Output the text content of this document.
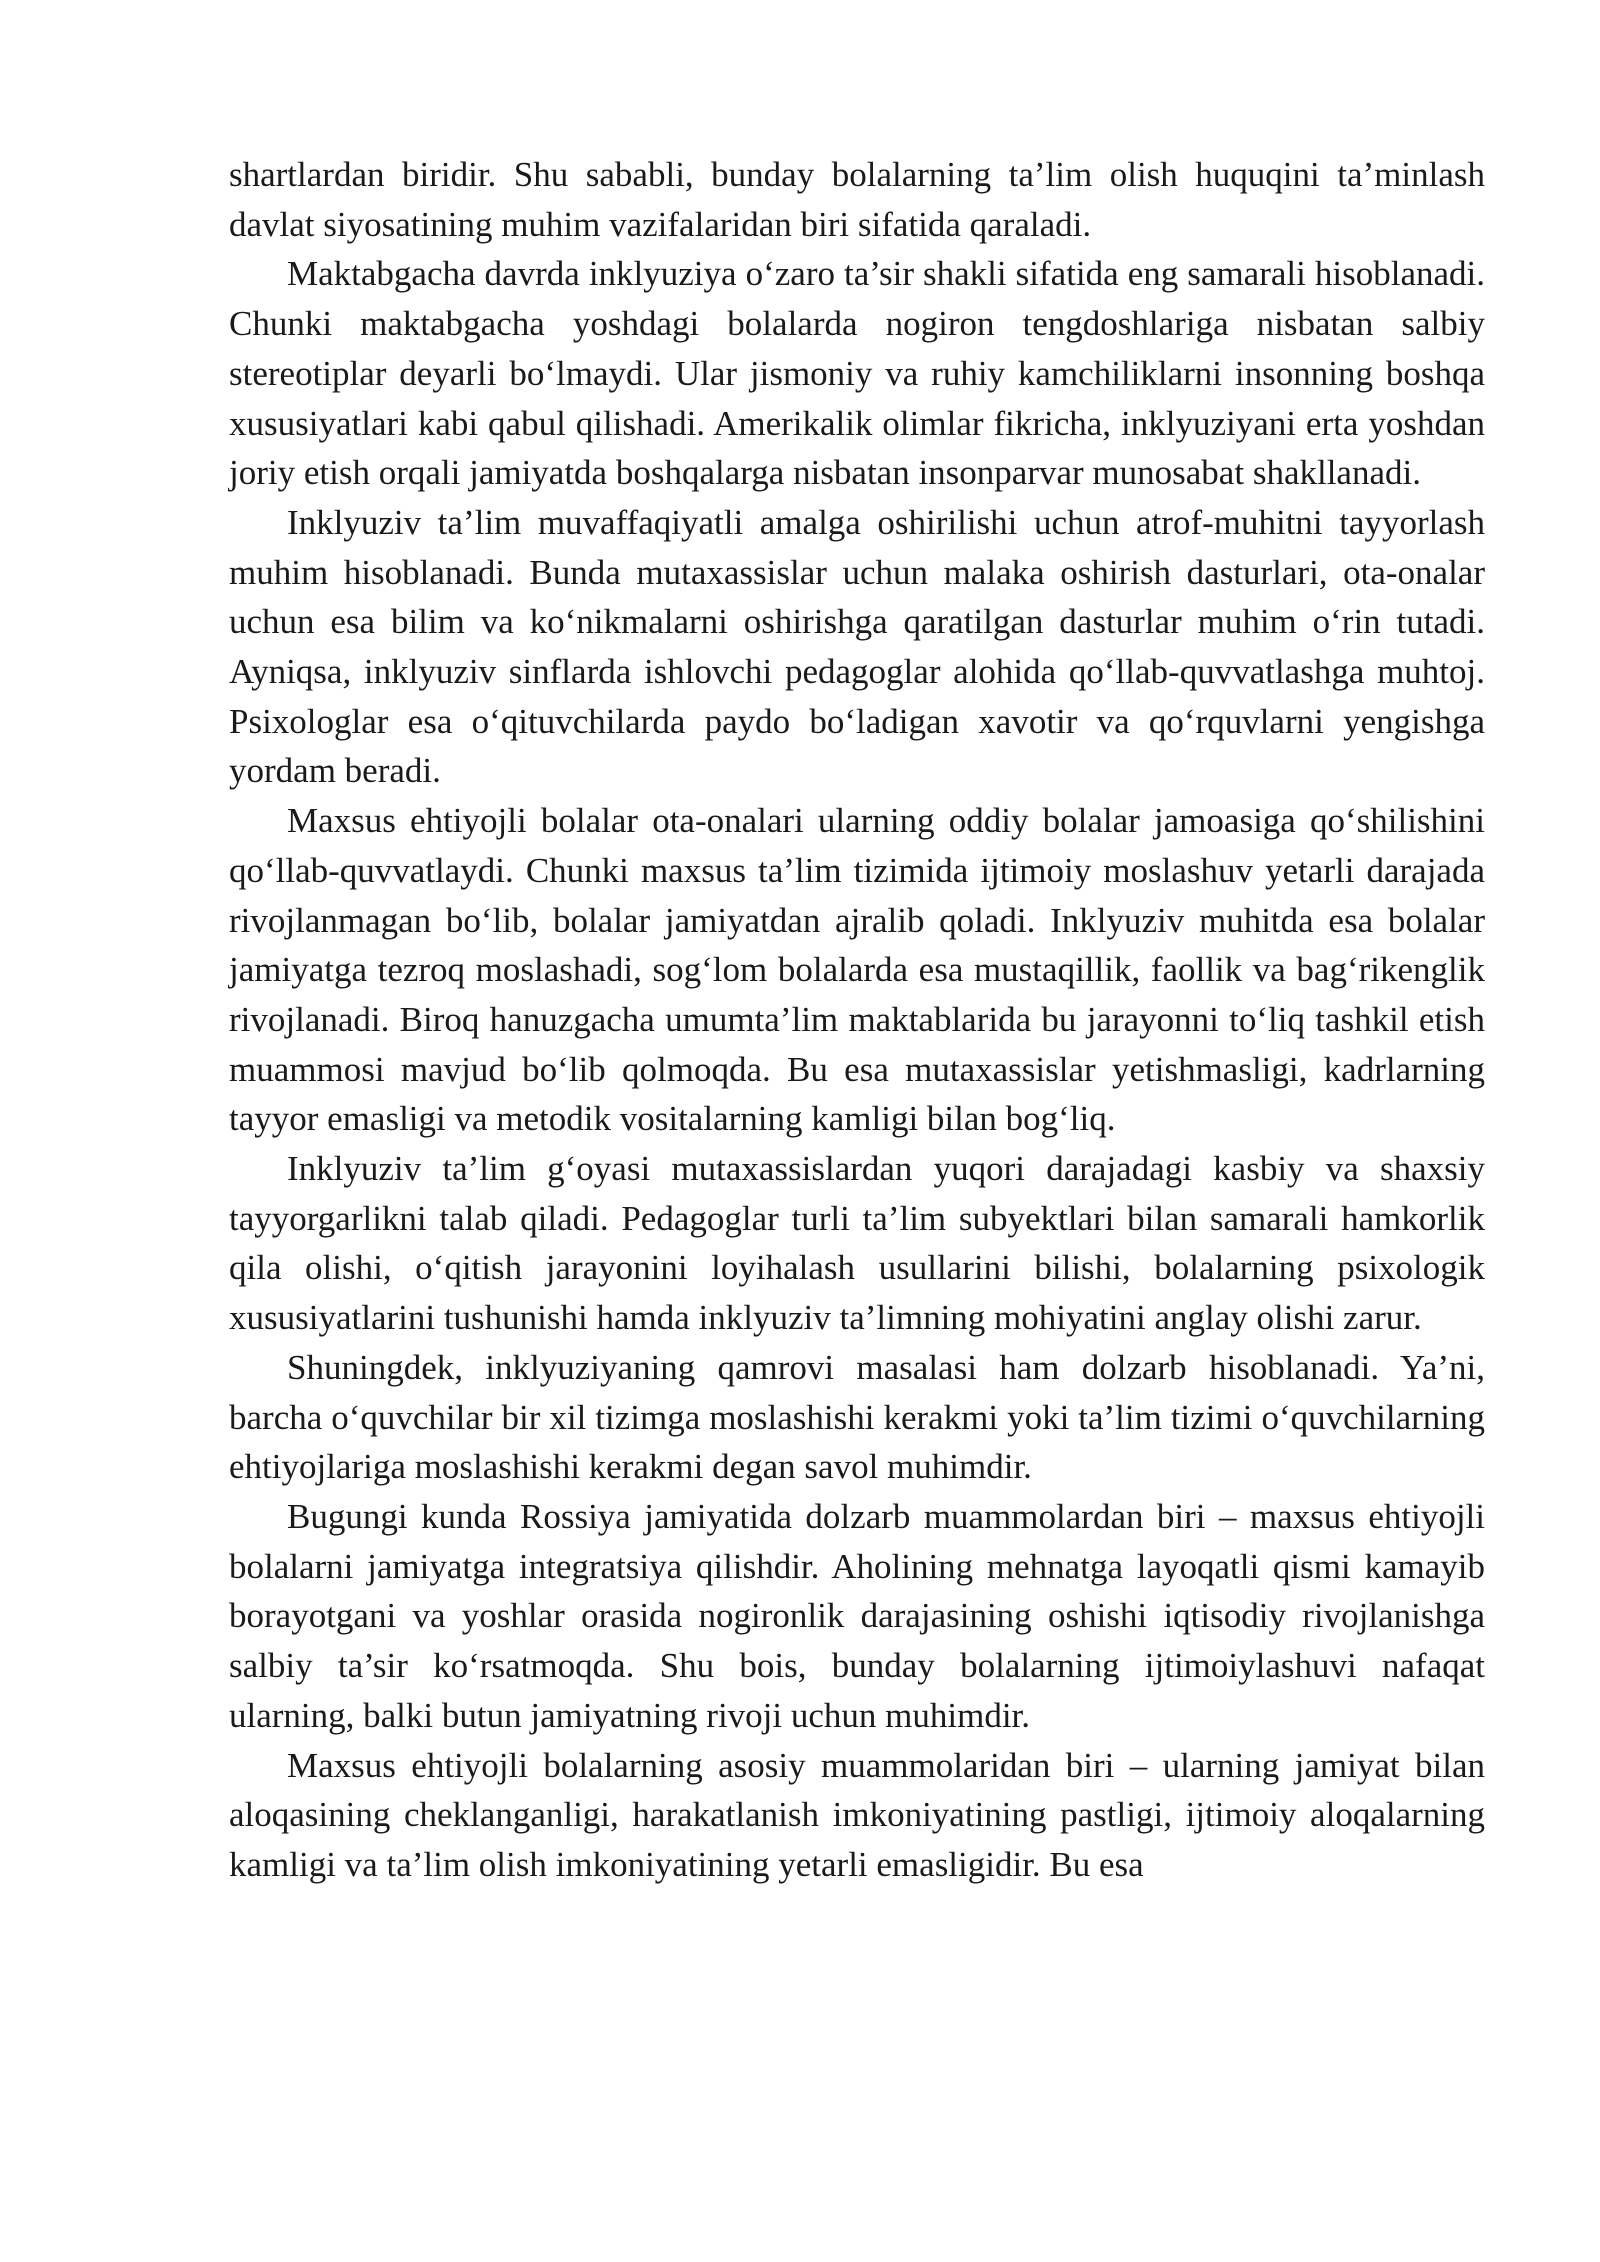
shartlardan biridir. Shu sababli, bunday bolalarning ta’lim olish huquqini ta’minlash davlat siyosatining muhim vazifalaridan biri sifatida qaraladi.

Maktabgacha davrda inklyuziya o‘zaro ta’sir shakli sifatida eng samarali hisoblanadi. Chunki maktabgacha yoshdagi bolalarda nogiron tengdoshlariga nisbatan salbiy stereotiplar deyarli bo‘lmaydi. Ular jismoniy va ruhiy kamchiliklarni insonning boshqa xususiyatlari kabi qabul qilishadi. Amerikalik olimlar fikricha, inklyuziyani erta yoshdan joriy etish orqali jamiyatda boshqalarga nisbatan insonparvar munosabat shakllanadi.

Inklyuziv ta’lim muvaffaqiyatli amalga oshirilishi uchun atrof-muhitni tayyorlash muhim hisoblanadi. Bunda mutaxassislar uchun malaka oshirish dasturlari, ota-onalar uchun esa bilim va ko‘nikmalarni oshirishga qaratilgan dasturlar muhim o‘rin tutadi. Ayniqsa, inklyuziv sinflarda ishlovchi pedagoglar alohida qo‘llab-quvvatlashga muhtoj. Psixologlar esa o‘qituvchilarda paydo bo‘ladigan xavotir va qo‘rquvlarni yengishga yordam beradi.

Maxsus ehtiyojli bolalar ota-onalari ularning oddiy bolalar jamoasiga qo‘shilishini qo‘llab-quvvatlaydi. Chunki maxsus ta’lim tizimida ijtimoiy moslashuv yetarli darajada rivojlanmagan bo‘lib, bolalar jamiyatdan ajralib qoladi. Inklyuziv muhitda esa bolalar jamiyatga tezroq moslashadi, sog‘lom bolalarda esa mustaqillik, faollik va bag‘rikenglik rivojlanadi. Biroq hanuzgacha umumta’lim maktablarida bu jarayonni to‘liq tashkil etish muammosi mavjud bo‘lib qolmoqda. Bu esa mutaxassislar yetishmasligi, kadrlarning tayyor emasligi va metodik vositalarning kamligi bilan bog‘liq.

Inklyuziv ta’lim g‘oyasi mutaxassislardan yuqori darajadagi kasbiy va shaxsiy tayyorgarlikni talab qiladi. Pedagoglar turli ta’lim subyektlari bilan samarali hamkorlik qila olishi, o‘qitish jarayonini loyihalash usullarini bilishi, bolalarning psixologik xususiyatlarini tushunishi hamda inklyuziv ta’limning mohiyatini anglay olishi zarur.

Shuningdek, inklyuziyaning qamrovi masalasi ham dolzarb hisoblanadi. Ya’ni, barcha o‘quvchilar bir xil tizimga moslashishi kerakmi yoki ta’lim tizimi o‘quvchilarning ehtiyojlariga moslashishi kerakmi degan savol muhimdir.

Bugungi kunda Rossiya jamiyatida dolzarb muammolardan biri – maxsus ehtiyojli bolalarni jamiyatga integratsiya qilishdir. Aholining mehnatga layoqatli qismi kamayib borayotgani va yoshlar orasida nogironlik darajasining oshishi iqtisodiy rivojlanishga salbiy ta’sir ko‘rsatmoqda. Shu bois, bunday bolalarning ijtimoiylashuvi nafaqat ularning, balki butun jamiyatning rivoji uchun muhimdir.

Maxsus ehtiyojli bolalarning asosiy muammolaridan biri – ularning jamiyat bilan aloqasining cheklanganligi, harakatlanish imkoniyatining pastligi, ijtimoiy aloqalarning kamligi va ta’lim olish imkoniyatining yetarli emasligidir. Bu esa
